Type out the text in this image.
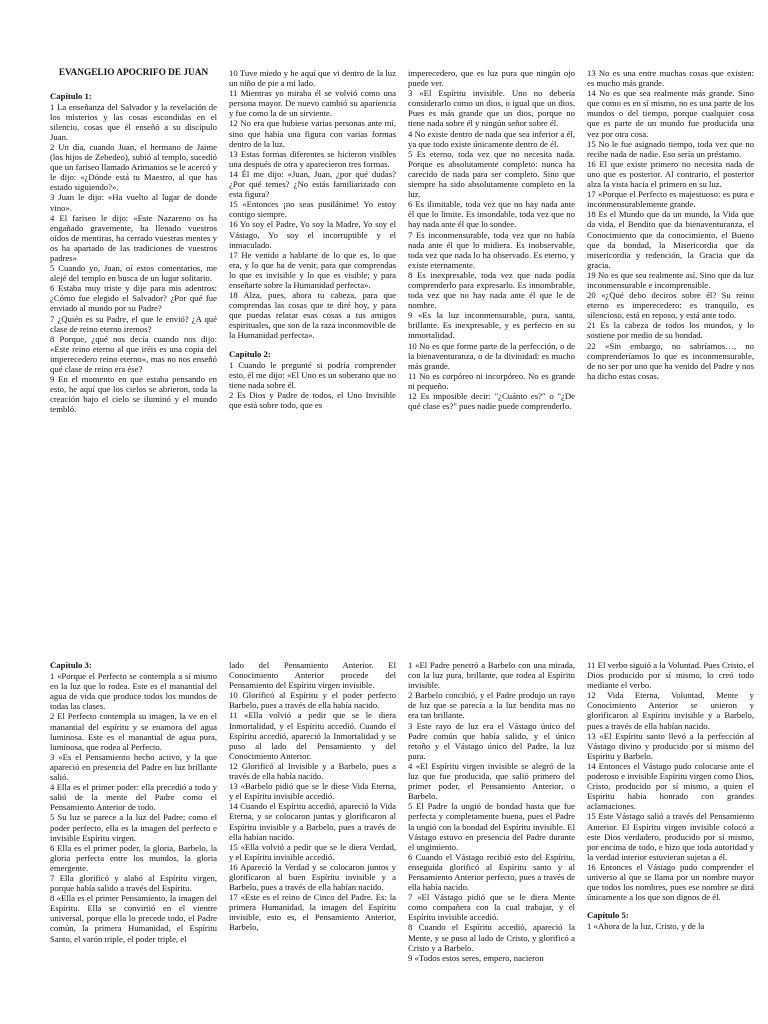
EVANGELIO APÓCRIFO DE JUAN
Capítulo 1:
1 La enseñanza del Salvador y la revelación de los misterios y las cosas escondidas en el silencio, cosas que él enseñó a su discípulo Juan.
2 Un día, cuando Juan, el hermano de Jaime (los hijos de Zebedeo), subió al templo, sucedió que un fariseo llamado Arimanios se le acercó y le dijo: «¿Dónde está tu Maestro, al que has estado siguiendo?».
3 Juan le dijo: «Ha vuelto al lugar de donde vino».
4 El fariseo le dijo: «Este Nazareno os ha engañado gravemente, ha llenado vuestros oídos de mentiras, ha cerrado vuestras mentes y os ha apartado de las tradiciones de vuestros padres»
5 Cuando yo, Juan, oí estos comentarios, me alejé del templo en busca de un lugar solitario.
6 Estaba muy triste y dije para mis adentros: ¿Cómo fue elegido el Salvador? ¿Por qué fue enviado al mundo por su Padre?
7 ¿Quién es su Padre, el que le envió? ¿A qué clase de reino eterno iremos?
8 Porque, ¿qué nos decía cuando nos dijo: «Este reino eterno al que iréis es una copia del imperecedero reino eterno», mas no nos enseñó qué clase de reino era ése?
9 En el momento en que estaba pensando en esto, he aquí que los cielos se abrieron, toda la creación bajo el cielo se iluminó y el mundo tembló.
10 Tuve miedo y he aquí que vi dentro de la luz un niño de pie a mi lado.
11 Mientras yo miraba él se volvió como una persona mayor. De nuevo cambió su apariencia y fue como la de un sirviente.
12 No era que hubiese varias personas ante mí, sino que había una figura con varias formas dentro de la luz.
13 Estas formas diferentes se hicieron visibles una después de otra y aparecieron tres formas.
14 Él me dijo: «Juan, Juan, ¿por qué dudas? ¿Por qué temes? ¿No estás familiarizado con esta figura?
15 «Entonces ¡no seas pusilánime! Yo estoy contigo siempre.
16 Yo soy el Padre, Yo soy la Madre, Yo soy el Vástago, Yo soy el incorruptible y el inmaculado.
17 He venido a hablarte de lo que es, lo que era, y lo que ha de venir, para que comprendas lo que es invisible y lo que es visible; y para enseñarte sobre la Humanidad perfecta».
18 Alza, pues, ahora tu cabeza, para que comprendas las cosas que te diré hoy, y para que puedas relatar esas cosas a tus amigos espirituales, que son de la raza inconmovible de la Humanidad perfecta».
Capítulo 2:
1 Cuando le pregunté si podría comprender esto, él me dijo: «El Uno es un soberano que no tiene nada sobre él.
2 Es Dios y Padre de todos, el Uno Invisible que está sobre todo, que es
imperecedero, que es luz pura que ningún ojo puede ver.
3 «El Espíritu invisible. Uno no debería considerarlo como un dios, o igual que un dios. Pues es más grande que un dios, porque no tiene nada sobre él y ningún señor sobre él.
4 No existe dentro de nada que sea inferior a él, ya que todo existe únicamente dentro de él.
5 Es eterno, toda vez que no necesita nada. Porque es absolutamente completo: nunca ha carecido de nada para ser completo. Sino que siempre ha sido absolutamente completo en la luz.
6 Es ilimitable, toda vez que no hay nada ante él que lo limite. Es insondable, toda vez que no hay nada ante él que lo sondee.
7 Es inconmensurable, toda vez que no había nada ante él que lo midiera. Es inobservable, toda vez que nada lo ha observado. Es eterno, y existe eternamente.
8 Es inexpresable, toda vez que nada podía comprenderlo para expresarlo. Es innombrable, toda vez que no hay nada ante él que le de nombre.
9 «Es la luz inconmensurable, pura, santa, brillante. Es inexpresable, y es perfecto en su inmortalidad.
10 No es que forme parte de la perfección, o de la bienaventuranza, o de la divinidad: es mucho más grande.
11 No es corpóreo ni incorpóreo. No es grande ni pequeño.
12 Es imposible decir: "¿Cuánto es?" o "¿De qué clase es?" pues nadie puede comprenderlo.
13 No es una entre muchas cosas que existen: es mucho más grande.
14 No es que sea realmente más grande. Sino que como es en sí mismo, no es una parte de los mundos o del tiempo, porque cualquier cosa que es parte de un mundo fue producida una vez por otra cosa.
15 No le fue asignado tiempo, toda vez que no recibe nada de nadie. Eso sería un préstamo.
16 El que existe primero no necesita nada de uno que es posterior. Al contrario, el posterior alza la vista hacia el primero en su luz.
17 «Porque el Perfecto es majestuoso: es pura e inconmensurablemente grande.
18 Es el Mundo que da un mundo, la Vida que da vida, el Bendito que da bienaventuranza, el Conocimiento que da conocimiento, el Bueno que da bondad, la Misericordia que da misericordia y redención, la Gracia que da gracia.
19 No es que sea realmente así. Sino que da luz inconmensurable e incomprensible.
20 «¿Qué debo deciros sobre él? Su reino eterno es imperecedero: es tranquilo, es silencioso, está en reposo, y está ante todo.
21 Es la cabeza de todos los mundos, y lo sostiene por medio de su bondad.
22 «Sin embargo, no sabríamos…, no comprenderíamos lo que es inconmensurable, de no ser por uno que ha venido del Padre y nos ha dicho estas cosas.
Capítulo 3:
1 «Porque el Perfecto se contempla a sí mismo en la luz que lo rodea. Este es el manantial del agua de vida que produce todos los mundos de todas las clases.
2 El Perfecto contempla su imagen, la ve en el manantial del espíritu y se enamora del agua luminosa. Este es el manantial de agua pura, luminosa, que rodea al Perfecto.
3 «Es el Pensamiento hecho activo, y la que apareció en presencia del Padre en luz brillante salió.
4 Ella es el primer poder: ella precedió a todo y salió de la mente del Padre como el Pensamiento Anterior de todo.
5 Su luz se parece a la luz del Padre; como el poder perfecto, ella es la imagen del perfecto e invisible Espíritu virgen.
6 Ella es el primer poder, la gloria, Barbelo, la gloria perfecta entre los mundos, la gloria emergente.
7 Ella glorificó y alabó al Espíritu virgen, porque había salido a través del Espíritu.
8 «Ella es el primer Pensamiento, la imagen del Espíritu. Ella se convirtió en el vientre universal, porque ella lo precede todo, el Padre común, la primera Humanidad, el Espíritu Santo, el varón triple, el poder triple, el
lado del Pensamiento Anterior. El Conocimiento Anterior procede del Pensamiento del Espíritu virgen invisible.
10 Glorificó al Espíritu y el poder perfecto Barbelo, pues a través de ella había nacido.
11 «Ella volvió a pedir que se le diera Inmortalidad, y el Espíritu accedió. Cuando el Espíritu accedió, apareció la Inmortalidad y se puso al lado del Pensamiento y del Conocimiento Anterior.
12 Glorificó al Invisible y a Barbelo, pues a través de ella había nacido.
13 «Barbelo pidió que se le diese Vida Eterna, y el Espíritu invisible accedió.
14 Cuando el Espíritu accedió, apareció la Vida Eterna, y se colocaron juntas y glorificaron al Espíritu invisible y a Barbelo, pues a través de ella habían nacido.
15 «Ella volvió a pedir que se le diera Verdad, y el Espíritu invisible accedió.
16 Apareció la Verdad y se colocaron juntos y glorificaron al buen Espíritu invisible y a Barbelo, pues a través de ella habían nacido.
17 «Este es el reino de Cinco del Padre. Es: la primera Humanidad, la imagen del Espíritu invisible, esto es, el Pensamiento Anterior, Barbelo,
1 «El Padre penetró a Barbelo con una mirada, con la luz pura, brillante, que rodea al Espíritu invisible.
2 Barbelo concibió, y el Padre produjo un rayo de luz que se parecía a la luz bendita mas no era tan brillante.
3 Este rayo de luz era el Vástago único del Padre común que había salido, y el único retoño y el Vástago único del Padre, la luz pura.
4 «El Espíritu virgen invisible se alegró de la luz que fue producida, que salió primero del primer poder, el Pensamiento Anterior, o Barbelo.
5 El Padre la ungió de bondad hasta que fue perfecta y completamente buena, pues el Padre la ungió con la bondad del Espíritu invisible. El Vástago estuvo en presencia del Padre durante el ungimiento.
6 Cuando el Vástago recibió esto del Espíritu, enseguida glorificó al Espíritu santo y al Pensamiento Anterior perfecto, pues a través de ella había nacido.
7 «El Vástago pidió que se le diera Mente como compañera con la cual trabajar, y el Espíritu invisible accedió.
8 Cuando el Espíritu accedió, apareció la Mente, y se puso al lado de Cristo, y glorificó a Cristo y a Barbelo.
9 «Todos estos seres, empero, nacieron
11 El verbo siguió a la Voluntad. Pues Cristo, el Dios producido por sí mismo, lo creó todo mediante el verbo.
12 Vida Eterna, Voluntad, Mente y Conocimiento Anterior se unieron y glorificaron al Espíritu invisible y a Barbelo, pues a través de ella habían nacido.
13 «El Espíritu santo llevó a la perfección al Vástago divino y producido por sí mismo del Espíritu y Barbelo.
14 Entonces el Vástago pudo colocarse ante el poderoso e invisible Espíritu virgen como Dios, Cristo, producido por sí mismo, a quien el Espíritu había honrado con grandes aclamaciones.
15 Este Vástago salió a través del Pensamiento Anterior. El Espíritu virgen invisible colocó a este Dios verdadero, producido por sí mismo, por encima de todo, e hizo que toda autoridad y la verdad interior estuvieran sujetas a él.
16 Entonces el Vástago pudo comprender el universo al que se llama por un nombre mayor que todos los nombres, pues ese nombre se dirá únicamente a los que son dignos de él.
Capítulo 5:
1 «Ahora de la luz, Cristo, y de la
